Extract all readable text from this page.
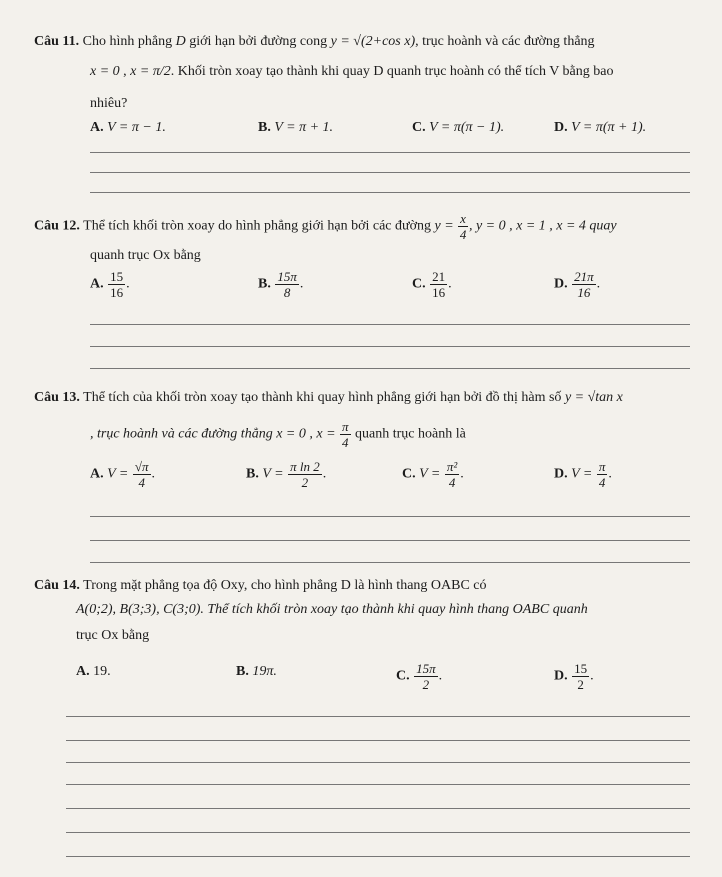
Câu 11. Cho hình phẳng D giới hạn bởi đường cong y = √(2+cos x), trục hoành và các đường thẳng
x = 0 , x = π/2. Khối tròn xoay tạo thành khi quay D quanh trục hoành có thể tích V bằng bao
nhiêu?
A. V = π − 1.	B. V = π + 1.	C. V = π(π − 1).	D. V = π(π + 1).
Câu 12. Thể tích khối tròn xoay do hình phẳng giới hạn bởi các đường $y = \frac{x}{4}$ , y = 0 , x = 1 , x = 4 quay
quanh trục Ox bằng
A. $\frac{15}{16}$ .	B. $\frac{15\pi}{8}$ .	C. $\frac{21}{16}$ .	D. $\frac{21\pi}{16}$ .
Câu 13. Thể tích của khối tròn xoay tạo thành khi quay hình phẳng giới hạn bởi đồ thị hàm số y = √tan x
, trục hoành và các đường thẳng x = 0 , $x = \frac{\pi}{4}$ quanh trục hoành là
A. $V = \frac{√\pi}{4}$ .	B. $V = \frac{\text{π ln 2}}{2}$ .	C. $V = \frac{\text{π²}}{4}$ .	D. $V = \frac{\pi}{4}$ .
Câu 14. Trong mặt phẳng tọa độ Oxy, cho hình phẳng D là hình thang OABC có
A(0;2), B(3;3), C(3;0). Thể tích khối tròn xoay tạo thành khi quay hình thang OABC quanh
trục Ox bằng
A. 19.	B. 19π.	C. $\frac{15\pi}{2}$ .	D. $\frac{15}{2}$ .
